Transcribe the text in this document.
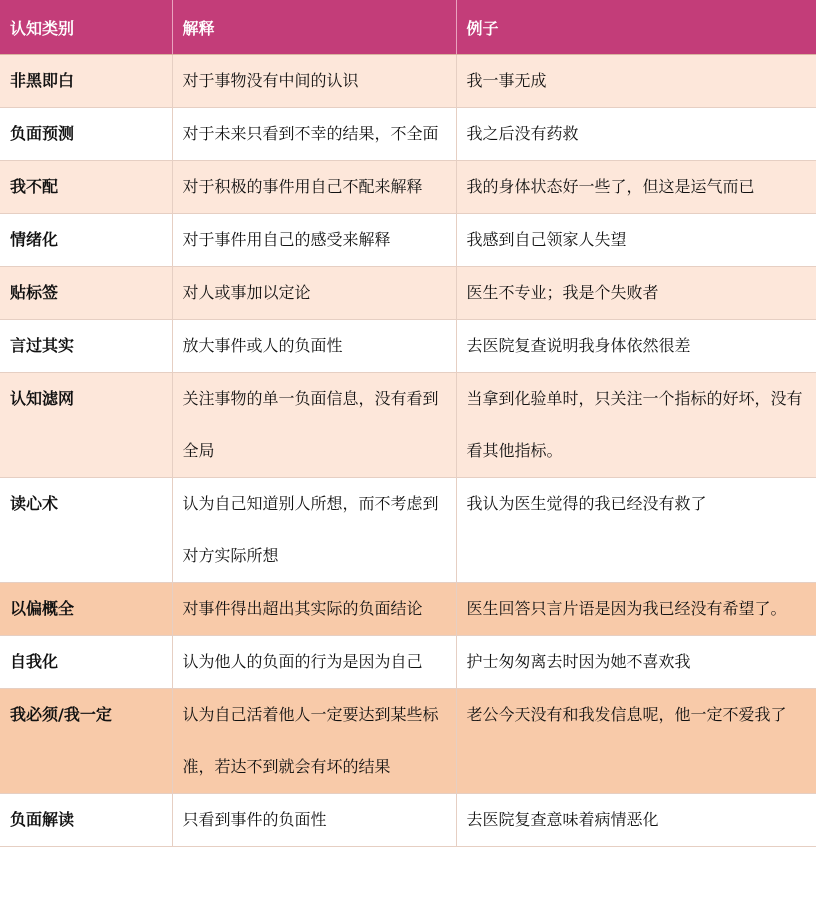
认知类别	解释	例子
非黑即白	对于事物没有中间的认识	我一事无成
负面预测	对于未来只看到不幸的结果，不全面	我之后没有药救
我不配	对于积极的事件用自己不配来解释	我的身体状态好一些了，但这是运气而已
情绪化	对于事件用自己的感受来解释	我感到自己领家人失望
贴标签	对人或事加以定论	医生不专业；我是个失败者
言过其实	放大事件或人的负面性	去医院复查说明我身体依然很差
认知滤网	关注事物的单一负面信息，没有看到全局	当拿到化验单时，只关注一个指标的好坏，没有看其他指标。
读心术	认为自己知道别人所想，而不考虑到对方实际所想	我认为医生觉得的我已经没有救了
以偏概全	对事件得出超出其实际的负面结论	医生回答只言片语是因为我已经没有希望了。
自我化	认为他人的负面的行为是因为自己	护士匆匆离去时因为她不喜欢我
我必须/我一定	认为自己活着他人一定要达到某些标准，若达不到就会有坏的结果	老公今天没有和我发信息呢，他一定不爱我了
负面解读	只看到事件的负面性	去医院复查意味着病情恶化
